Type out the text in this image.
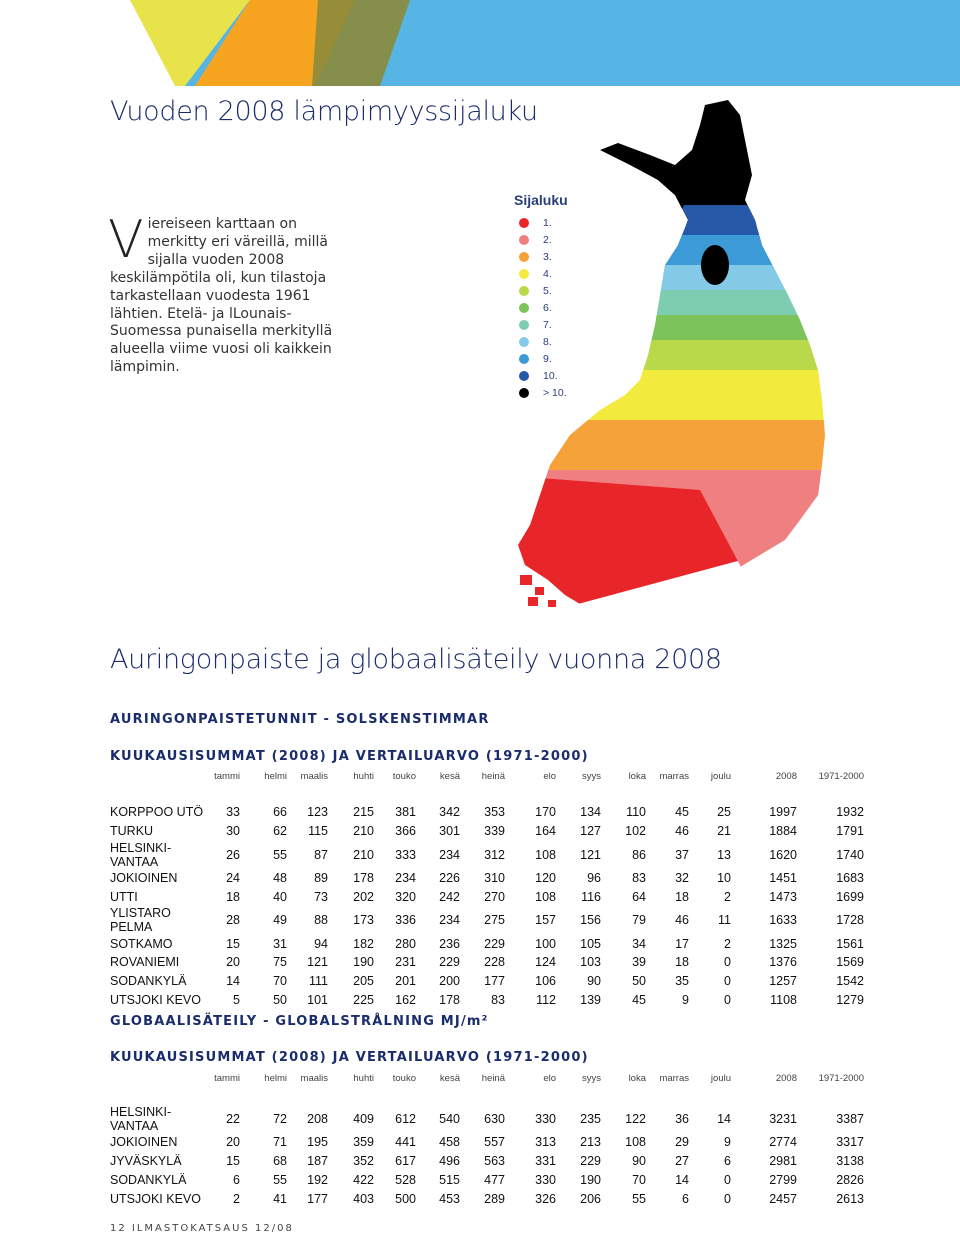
Vuoden 2008 lämpimyyssijaluku
Viereiseen karttaan on merkitty eri väreillä, millä sijalla vuoden 2008 keskilämpötila oli, kun tilastoja tarkastellaan vuodesta 1961 lähtien. Etelä- ja lLounais-Suomessa punaisella merkityllä alueella viime vuosi oli kaikkein lämpimin.
Sijaluku
1.
2.
3.
4.
5.
6.
7.
8.
9.
10.
> 10.
Auringonpaiste ja globaalisäteily vuonna 2008
AURINGONPAISTETUNNIT - SOLSKENSTIMMAR
KUUKAUSISUMMAT (2008) JA VERTAILUARVO (1971-2000)
	tammi	helmi	maalis	huhti	touko	kesä	heinä	elo	syys	loka	marras	joulu	2008	1971-2000

KORPPOO UTÖ	33	66	123	215	381	342	353	170	134	110	45	25	1997	1932
TURKU	30	62	115	210	366	301	339	164	127	102	46	21	1884	1791
HELSINKI-VANTAA	26	55	87	210	333	234	312	108	121	86	37	13	1620	1740
JOKIOINEN	24	48	89	178	234	226	310	120	96	83	32	10	1451	1683
UTTI	18	40	73	202	320	242	270	108	116	64	18	2	1473	1699
YLISTARO PELMA	28	49	88	173	336	234	275	157	156	79	46	11	1633	1728
SOTKAMO	15	31	94	182	280	236	229	100	105	34	17	2	1325	1561
ROVANIEMI	20	75	121	190	231	229	228	124	103	39	18	0	1376	1569
SODANKYLÄ	14	70	111	205	201	200	177	106	90	50	35	0	1257	1542
UTSJOKI KEVO	5	50	101	225	162	178	83	112	139	45	9	0	1108	1279
GLOBAALISÄTEILY - GLOBALSTRÅLNING MJ/m²
KUUKAUSISUMMAT (2008) JA VERTAILUARVO (1971-2000)
	tammi	helmi	maalis	huhti	touko	kesä	heinä	elo	syys	loka	marras	joulu	2008	1971-2000

HELSINKI-VANTAA	22	72	208	409	612	540	630	330	235	122	36	14	3231	3387
JOKIOINEN	20	71	195	359	441	458	557	313	213	108	29	9	2774	3317
JYVÄSKYLÄ	15	68	187	352	617	496	563	331	229	90	27	6	2981	3138
SODANKYLÄ	6	55	192	422	528	515	477	330	190	70	14	0	2799	2826
UTSJOKI KEVO	2	41	177	403	500	453	289	326	206	55	6	0	2457	2613
12 ILMASTOKATSAUS 12/08
